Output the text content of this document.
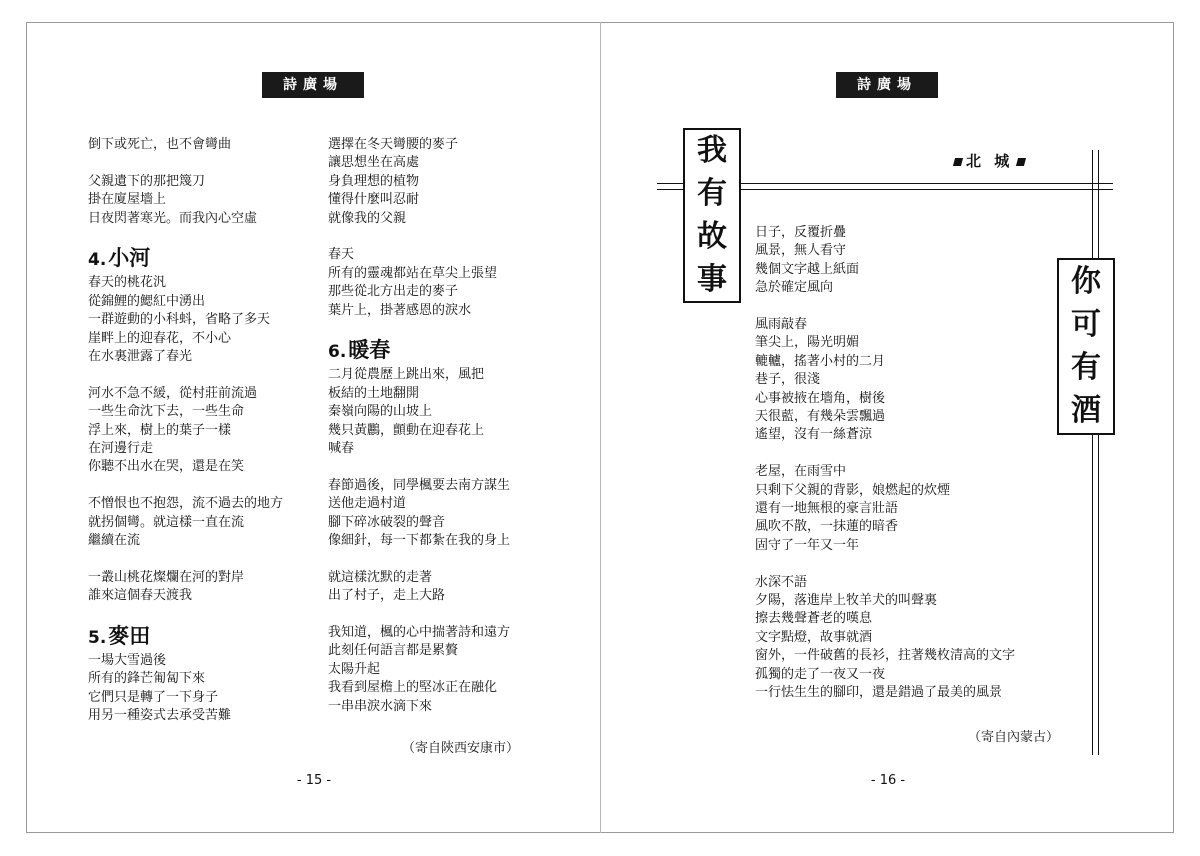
詩廣場
倒下或死亡，也不會彎曲
父親遺下的那把篾刀
掛在廈屋墻上
日夜閃著寒光。而我內心空虛
4.小河
春天的桃花汎
從錦鯉的鰓紅中湧出
一群遊動的小科蚪，省略了多天
崖畔上的迎春花，不小心
在水裏泄露了春光
河水不急不緩，從村莊前流過
一些生命沈下去，一些生命
浮上來，樹上的葉子一樣
在河邊行走
你聽不出水在哭，還是在笑
不憎恨也不抱怨，流不過去的地方
就拐個彎。就這樣一直在流
繼續在流
一叢山桃花燦爛在河的對岸
誰來這個春天渡我
5.麥田
一場大雪過後
所有的鋒芒匍匐下來
它們只是轉了一下身子
用另一種姿式去承受苦難
選擇在冬天彎腰的麥子
讓思想坐在高處
身負理想的植物
懂得什麼叫忍耐
就像我的父親
春天
所有的靈魂都站在草尖上張望
那些從北方出走的麥子
葉片上，掛著感恩的淚水
6.暖春
二月從農歷上跳出來，風把
板結的土地翻開
秦嶺向陽的山坡上
幾只黃鸝，顫動在迎春花上
喊春
春節過後，同學楓要去南方謀生
送他走過村道
腳下碎冰破裂的聲音
像細針，每一下都紮在我的身上
就這樣沈默的走著
出了村子，走上大路
我知道，楓的心中揣著詩和遠方
此刻任何語言都是累贅
太陽升起
我看到屋檐上的堅冰正在融化
一串串淚水滴下來
（寄自陝西安康市）
- 15 -
詩廣場
我
有
故
事	你
可
有
酒
北 城
日子，反覆折疊
風景，無人看守
幾個文字越上紙面
急於確定風向
風雨敲春
筆尖上，陽光明媚
轆轤，搖著小村的二月
巷子，很淺
心事被掖在墻角，樹後
天很藍，有幾朵雲飄過
遙望，沒有一絲蒼涼
老屋，在雨雪中
只剩下父親的背影，娘燃起的炊煙
還有一地無根的豪言壯語
風吹不散，一抹蓮的暗香
固守了一年又一年
水深不語
夕陽，落進岸上牧羊犬的叫聲裏
擦去幾聲蒼老的嘆息
文字點燈，故事就酒
窗外，一件破舊的長衫，拄著幾枚清高的文字
孤獨的走了一夜又一夜
一行怯生生的腳印，還是錯過了最美的風景
（寄自內蒙古）
- 16 -
